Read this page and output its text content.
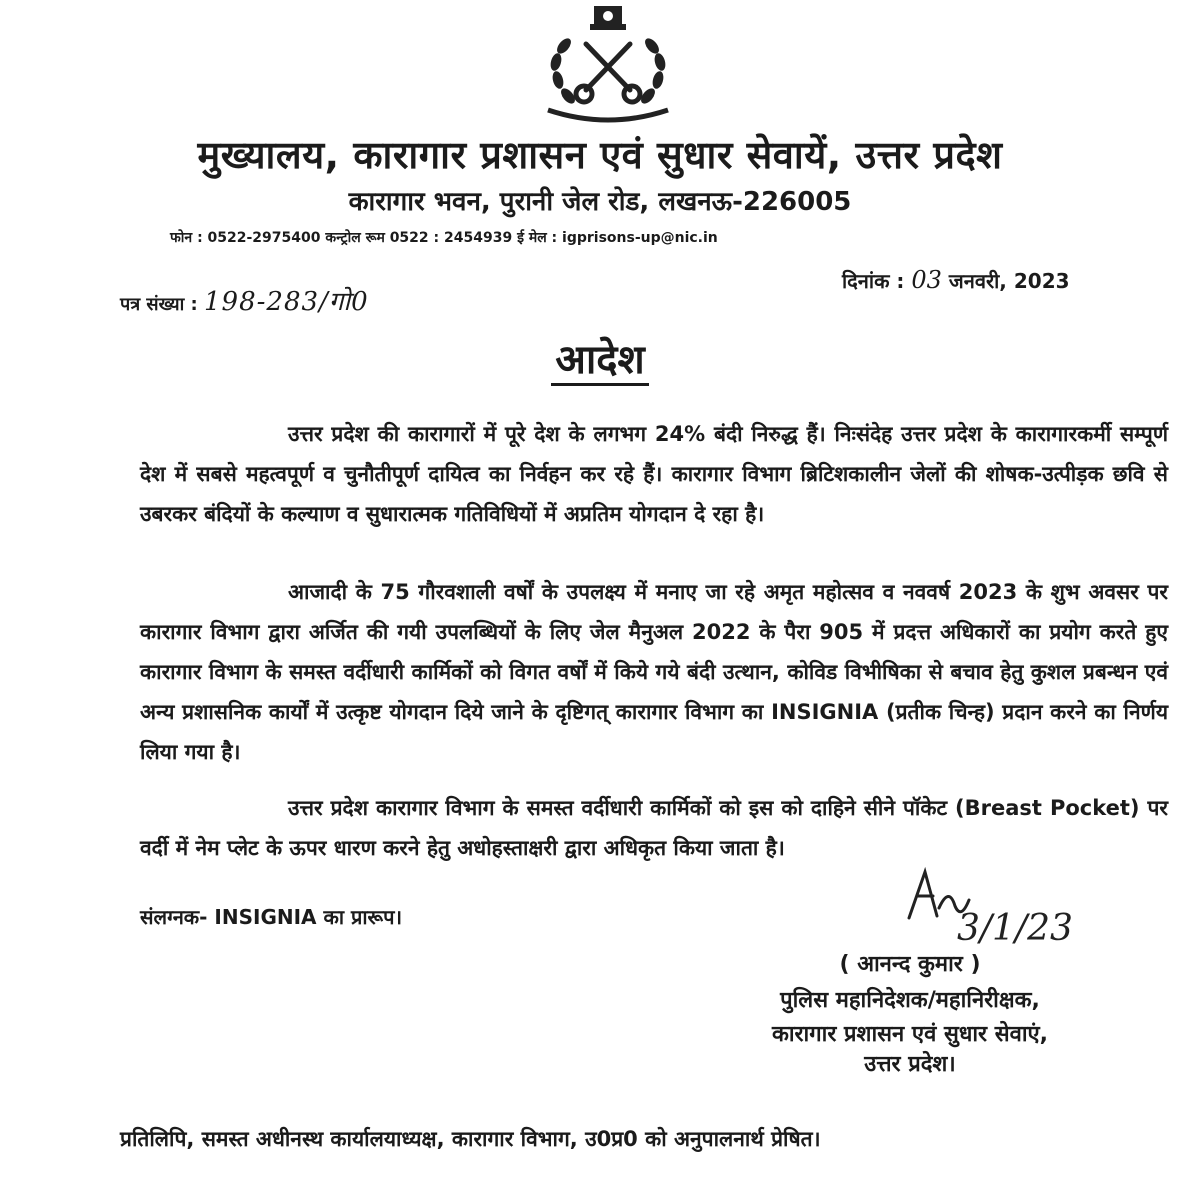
मुख्यालय, कारागार प्रशासन एवं सुधार सेवायें, उत्तर प्रदेश
कारागार भवन, पुरानी जेल रोड, लखनऊ-226005
फोन : 0522-2975400 कन्ट्रोल रूम 0522 : 2454939 ई मेल : igprisons-up@nic.in
पत्र संख्या : 198-283/गो0
दिनांक : 03 जनवरी, 2023
आदेश

उत्तर प्रदेश की कारागारों में पूरे देश के लगभग 24% बंदी निरुद्ध हैं। निःसंदेह उत्तर प्रदेश के कारागारकर्मी सम्पूर्ण देश में सबसे महत्वपूर्ण व चुनौतीपूर्ण दायित्व का निर्वहन कर रहे हैं। कारागार विभाग ब्रिटिशकालीन जेलों की शोषक-उत्पीड़क छवि से उबरकर बंदियों के कल्याण व सुधारात्मक गतिविधियों में अप्रतिम योगदान दे रहा है।

आजादी के 75 गौरवशाली वर्षों के उपलक्ष्य में मनाए जा रहे अमृत महोत्सव व नववर्ष 2023 के शुभ अवसर पर कारागार विभाग द्वारा अर्जित की गयी उपलब्धियों के लिए जेल मैनुअल 2022 के पैरा 905 में प्रदत्त अधिकारों का प्रयोग करते हुए कारागार विभाग के समस्त वर्दीधारी कार्मिकों को विगत वर्षों में किये गये बंदी उत्थान, कोविड विभीषिका से बचाव हेतु कुशल प्रबन्धन एवं अन्य प्रशासनिक कार्यों में उत्कृष्ट योगदान दिये जाने के दृष्टिगत् कारागार विभाग का INSIGNIA (प्रतीक चिन्ह) प्रदान करने का निर्णय लिया गया है।

उत्तर प्रदेश कारागार विभाग के समस्त वर्दीधारी कार्मिकों को इस को दाहिने सीने पॉकेट (Breast Pocket) पर वर्दी में नेम प्लेट के ऊपर धारण करने हेतु अधोहस्ताक्षरी द्वारा अधिकृत किया जाता है।

संलग्नक- INSIGNIA का प्रारूप।	3/1/23
( आनन्द कुमार )
पुलिस महानिदेशक/महानिरीक्षक,
कारागार प्रशासन एवं सुधार सेवाएं,
उत्तर प्रदेश।
प्रतिलिपि, समस्त अधीनस्थ कार्यालयाध्यक्ष, कारागार विभाग, उ0प्र0 को अनुपालनार्थ प्रेषित।
